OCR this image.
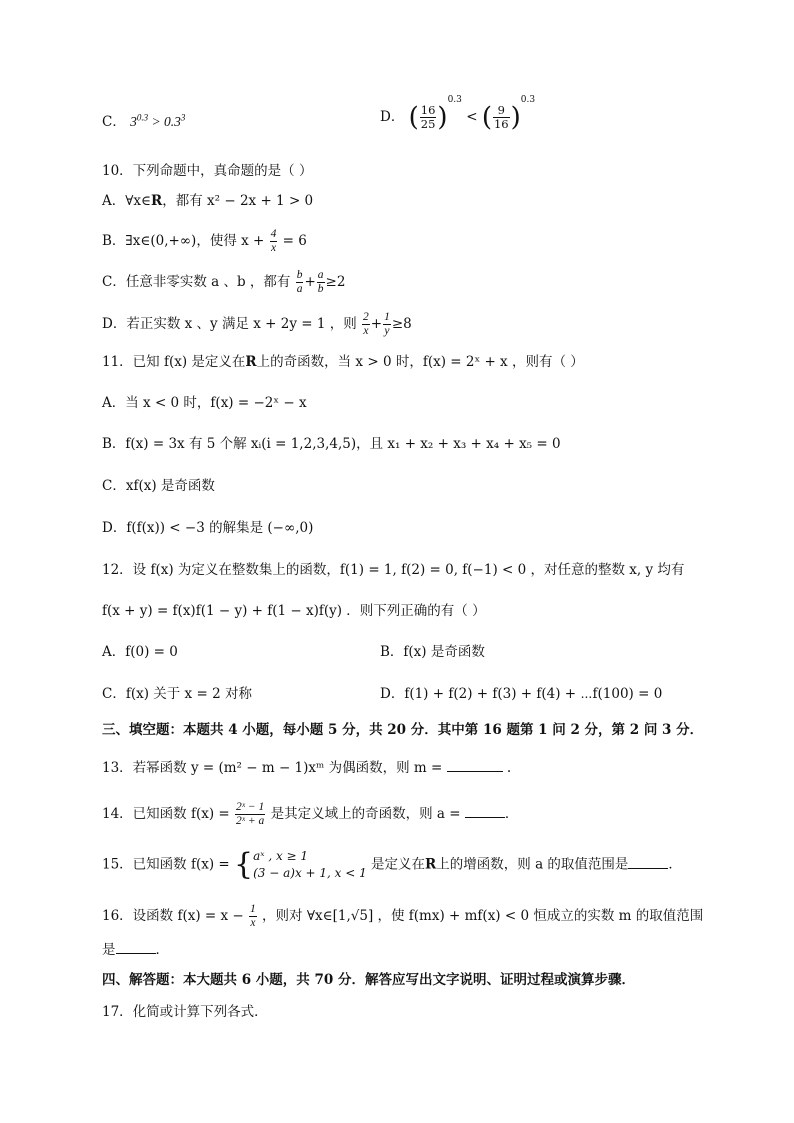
C． $3^{0.3} > 0.3^3$	D． ( $\frac{16}{25} )^{0.3}$ < ( $\frac{9}{16} )^{0.3}$
10．下列命题中，真命题的是（ ）
A．∀x∈R，都有 x² − 2x + 1 > 0
B．∃x∈(0,+∞)，使得 $x + \frac{4}{x} = 6$
C．任意非零实数 a 、b ，都有 $\frac{b}{a} + \frac{a}{b} \ge 2$
D．若正实数 x 、y 满足 x + 2y = 1 ，则 $\frac{2}{x} + \frac{1}{y} \ge 8$
11．已知 f(x) 是定义在R上的奇函数，当 x > 0 时，f(x) = 2ˣ + x ，则有（ ）
A．当 x < 0 时，f(x) = −2ˣ − x
B．f(x) = 3x 有 5 个解 xᵢ(i = 1,2,3,4,5)，且 x₁ + x₂ + x₃ + x₄ + x₅ = 0
C．xf(x) 是奇函数
D．f(f(x)) < −3 的解集是 (−∞,0)
12．设 f(x) 为定义在整数集上的函数，f(1) = 1, f(2) = 0, f(−1) < 0 ，对任意的整数 x, y 均有
f(x + y) = f(x)f(1 − y) + f(1 − x)f(y) ．则下列正确的有（ ）
A．f(0) = 0	B．f(x) 是奇函数
C．f(x) 关于 x = 2 对称	D．f(1) + f(2) + f(3) + f(4) + ⋯f(100) = 0
三、填空题：本题共 4 小题，每小题 5 分，共 20 分．其中第 16 题第 1 问 2 分，第 2 问 3 分．
13．若幂函数 y = (m² − m − 1)xᵐ 为偶函数，则 m =	.
14．已知函数 $f(x) = \frac{\text{2ˣ − 1}}{\text{2ˣ + a}}$ 是其定义域上的奇函数，则 a =	．
15．已知函数 f(x) = { aˣ , x ≥ 1
(3 − a)x + 1, x < 1
是定义在R上的增函数，则 a 的取值范围是	．
16．设函数 $f(x) = x - \frac{1}{x}$ ，则对 ∀x∈[1,√5] ，使 f(mx) + mf(x) < 0 恒成立的实数 m 的取值范围
是	．
四、解答题：本大题共 6 小题，共 70 分．解答应写出文字说明、证明过程或演算步骤．
17．化简或计算下列各式．
